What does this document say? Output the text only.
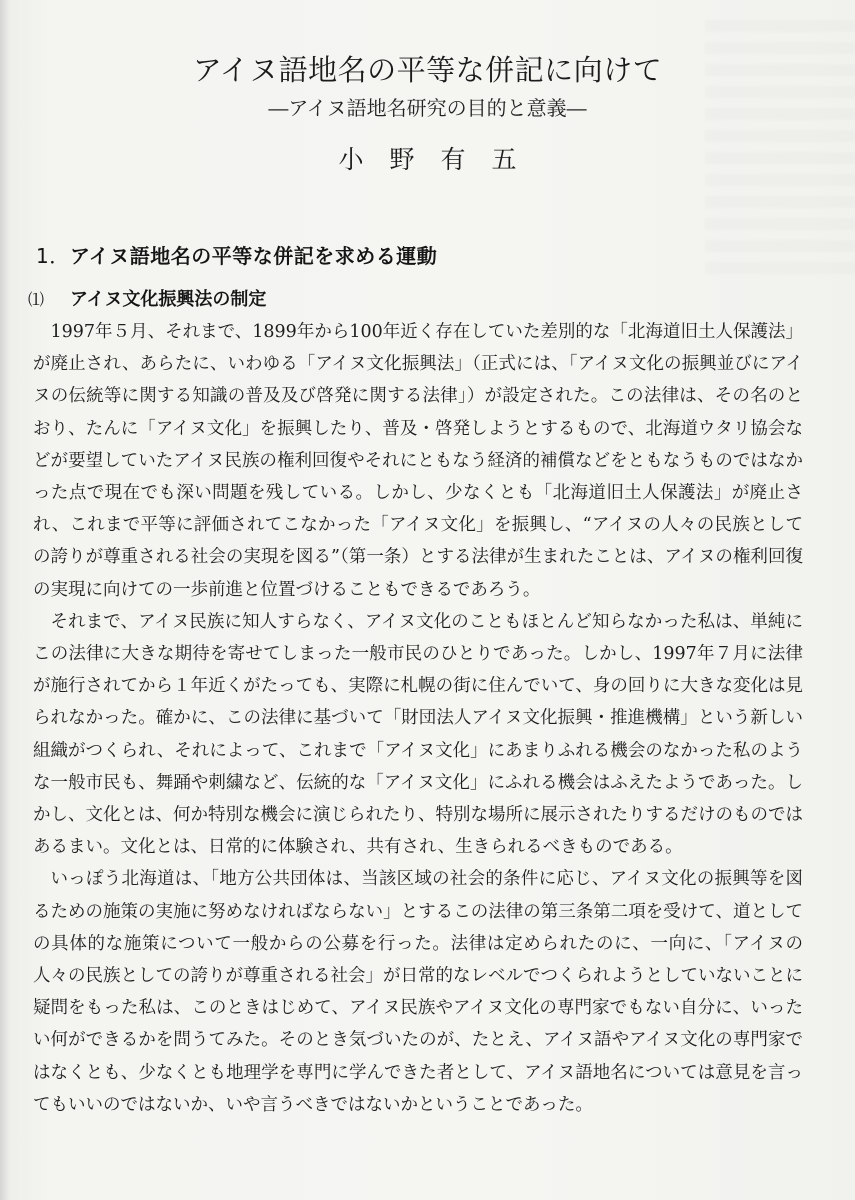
アイヌ語地名の平等な併記に向けて
―アイヌ語地名研究の目的と意義―
小野有五
1．アイヌ語地名の平等な併記を求める運動
⑴ アイヌ文化振興法の制定

1997年５月、それまで、1899年から100年近く存在していた差別的な「北海道旧土人保護法」が廃止され、あらたに、いわゆる「アイヌ文化振興法」（正式には、「アイヌ文化の振興並びにアイヌの伝統等に関する知識の普及及び啓発に関する法律」）が設定された。この法律は、その名のとおり、たんに「アイヌ文化」を振興したり、普及・啓発しようとするもので、北海道ウタリ協会などが要望していたアイヌ民族の権利回復やそれにともなう経済的補償などをともなうものではなかった点で現在でも深い問題を残している。しかし、少なくとも「北海道旧土人保護法」が廃止され、これまで平等に評価されてこなかった「アイヌ文化」を振興し、“アイヌの人々の民族としての誇りが尊重される社会の実現を図る”（第一条）とする法律が生まれたことは、アイヌの権利回復の実現に向けての一歩前進と位置づけることもできるであろう。

それまで、アイヌ民族に知人すらなく、アイヌ文化のこともほとんど知らなかった私は、単純にこの法律に大きな期待を寄せてしまった一般市民のひとりであった。しかし、1997年７月に法律が施行されてから１年近くがたっても、実際に札幌の街に住んでいて、身の回りに大きな変化は見られなかった。確かに、この法律に基づいて「財団法人アイヌ文化振興・推進機構」という新しい組織がつくられ、それによって、これまで「アイヌ文化」にあまりふれる機会のなかった私のような一般市民も、舞踊や刺繍など、伝統的な「アイヌ文化」にふれる機会はふえたようであった。しかし、文化とは、何か特別な機会に演じられたり、特別な場所に展示されたりするだけのものではあるまい。文化とは、日常的に体験され、共有され、生きられるべきものである。

いっぽう北海道は、「地方公共団体は、当該区域の社会的条件に応じ、アイヌ文化の振興等を図るための施策の実施に努めなければならない」とするこの法律の第三条第二項を受けて、道としての具体的な施策について一般からの公募を行った。法律は定められたのに、一向に、「アイヌの人々の民族としての誇りが尊重される社会」が日常的なレベルでつくられようとしていないことに疑問をもった私は、このときはじめて、アイヌ民族やアイヌ文化の専門家でもない自分に、いったい何ができるかを問うてみた。そのとき気づいたのが、たとえ、アイヌ語やアイヌ文化の専門家ではなくとも、少なくとも地理学を専門に学んできた者として、アイヌ語地名については意見を言ってもいいのではないか、いや言うべきではないかということであった。
